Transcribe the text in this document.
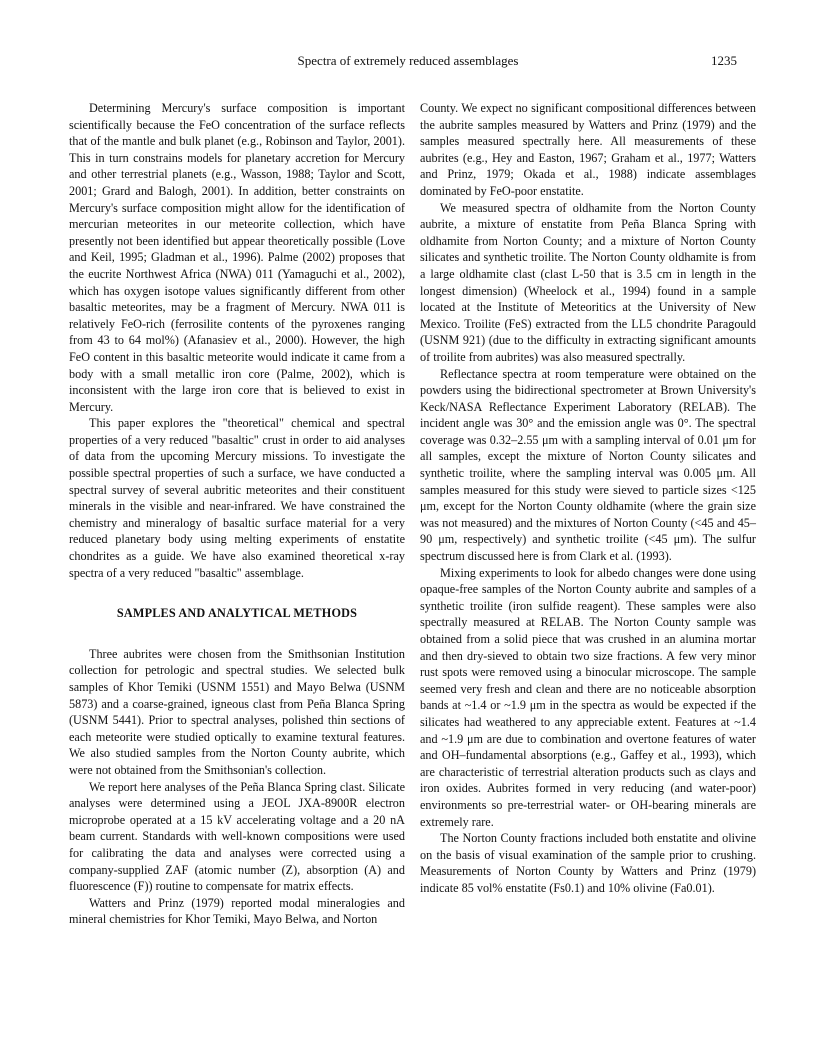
Spectra of extremely reduced assemblages	1235

Determining Mercury's surface composition is important scientifically because the FeO concentration of the surface reflects that of the mantle and bulk planet (e.g., Robinson and Taylor, 2001). This in turn constrains models for planetary accretion for Mercury and other terrestrial planets (e.g., Wasson, 1988; Taylor and Scott, 2001; Grard and Balogh, 2001). In addition, better constraints on Mercury's surface composition might allow for the identification of mercurian meteorites in our meteorite collection, which have presently not been identified but appear theoretically possible (Love and Keil, 1995; Gladman et al., 1996). Palme (2002) proposes that the eucrite Northwest Africa (NWA) 011 (Yamaguchi et al., 2002), which has oxygen isotope values significantly different from other basaltic meteorites, may be a fragment of Mercury. NWA 011 is relatively FeO-rich (ferrosilite contents of the pyroxenes ranging from 43 to 64 mol%) (Afanasiev et al., 2000). However, the high FeO content in this basaltic meteorite would indicate it came from a body with a small metallic iron core (Palme, 2002), which is inconsistent with the large iron core that is believed to exist in Mercury.

This paper explores the "theoretical" chemical and spectral properties of a very reduced "basaltic" crust in order to aid analyses of data from the upcoming Mercury missions. To investigate the possible spectral properties of such a surface, we have conducted a spectral survey of several aubritic meteorites and their constituent minerals in the visible and near-infrared. We have constrained the chemistry and mineralogy of basaltic surface material for a very reduced planetary body using melting experiments of enstatite chondrites as a guide. We have also examined theoretical x-ray spectra of a very reduced "basaltic" assemblage.

SAMPLES AND ANALYTICAL METHODS

Three aubrites were chosen from the Smithsonian Institution collection for petrologic and spectral studies. We selected bulk samples of Khor Temiki (USNM 1551) and Mayo Belwa (USNM 5873) and a coarse-grained, igneous clast from Peña Blanca Spring (USNM 5441). Prior to spectral analyses, polished thin sections of each meteorite were studied optically to examine textural features. We also studied samples from the Norton County aubrite, which were not obtained from the Smithsonian's collection.

We report here analyses of the Peña Blanca Spring clast. Silicate analyses were determined using a JEOL JXA-8900R electron microprobe operated at a 15 kV accelerating voltage and a 20 nA beam current. Standards with well-known compositions were used for calibrating the data and analyses were corrected using a company-supplied ZAF (atomic number (Z), absorption (A) and fluorescence (F)) routine to compensate for matrix effects.

Watters and Prinz (1979) reported modal mineralogies and mineral chemistries for Khor Temiki, Mayo Belwa, and Norton

County. We expect no significant compositional differences between the aubrite samples measured by Watters and Prinz (1979) and the samples measured spectrally here. All measurements of these aubrites (e.g., Hey and Easton, 1967; Graham et al., 1977; Watters and Prinz, 1979; Okada et al., 1988) indicate assemblages dominated by FeO-poor enstatite.

We measured spectra of oldhamite from the Norton County aubrite, a mixture of enstatite from Peña Blanca Spring with oldhamite from Norton County; and a mixture of Norton County silicates and synthetic troilite. The Norton County oldhamite is from a large oldhamite clast (clast L-50 that is 3.5 cm in length in the longest dimension) (Wheelock et al., 1994) found in a sample located at the Institute of Meteoritics at the University of New Mexico. Troilite (FeS) extracted from the LL5 chondrite Paragould (USNM 921) (due to the difficulty in extracting significant amounts of troilite from aubrites) was also measured spectrally.

Reflectance spectra at room temperature were obtained on the powders using the bidirectional spectrometer at Brown University's Keck/NASA Reflectance Experiment Laboratory (RELAB). The incident angle was 30° and the emission angle was 0°. The spectral coverage was 0.32–2.55 μm with a sampling interval of 0.01 μm for all samples, except the mixture of Norton County silicates and synthetic troilite, where the sampling interval was 0.005 μm. All samples measured for this study were sieved to particle sizes <125 μm, except for the Norton County oldhamite (where the grain size was not measured) and the mixtures of Norton County (<45 and 45–90 μm, respectively) and synthetic troilite (<45 μm). The sulfur spectrum discussed here is from Clark et al. (1993).

Mixing experiments to look for albedo changes were done using opaque-free samples of the Norton County aubrite and samples of a synthetic troilite (iron sulfide reagent). These samples were also spectrally measured at RELAB. The Norton County sample was obtained from a solid piece that was crushed in an alumina mortar and then dry-sieved to obtain two size fractions. A few very minor rust spots were removed using a binocular microscope. The sample seemed very fresh and clean and there are no noticeable absorption bands at ~1.4 or ~1.9 μm in the spectra as would be expected if the silicates had weathered to any appreciable extent. Features at ~1.4 and ~1.9 μm are due to combination and overtone features of water and OH–fundamental absorptions (e.g., Gaffey et al., 1993), which are characteristic of terrestrial alteration products such as clays and iron oxides. Aubrites formed in very reducing (and water-poor) environments so pre-terrestrial water- or OH-bearing minerals are extremely rare.

The Norton County fractions included both enstatite and olivine on the basis of visual examination of the sample prior to crushing. Measurements of Norton County by Watters and Prinz (1979) indicate 85 vol% enstatite (Fs0.1) and 10% olivine (Fa0.01).
